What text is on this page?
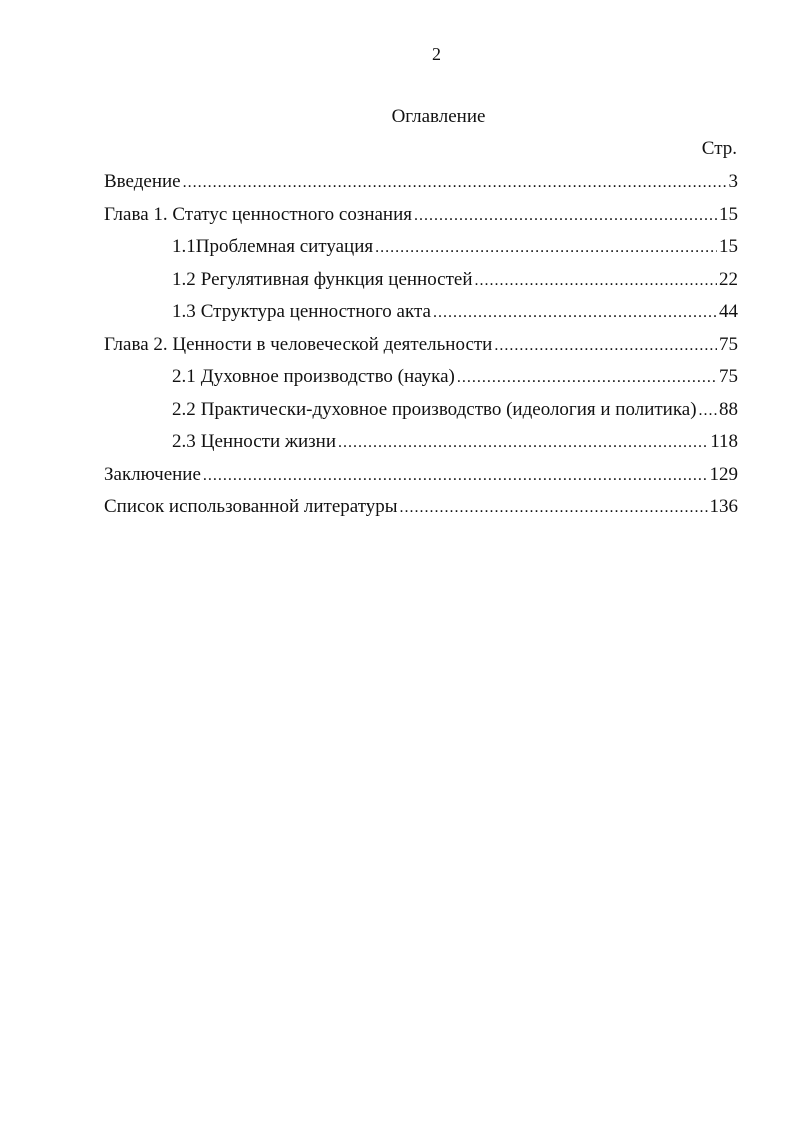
2
Оглавление
Стр.
Введение .....	3
Глава 1. Статус ценностного сознания .....	15
1.1 Проблемная ситуация .....	15
1.2 Регулятивная функция ценностей .....	22
1.3 Структура ценностного акта .....	44
Глава 2. Ценности в человеческой деятельности .....	75
2.1 Духовное производство (наука) .....	75
2.2 Практически-духовное производство (идеология и политика) ..... 88
2.3 Ценности жизни .....	118
Заключение .....	129
Список использованной литературы .....	136
